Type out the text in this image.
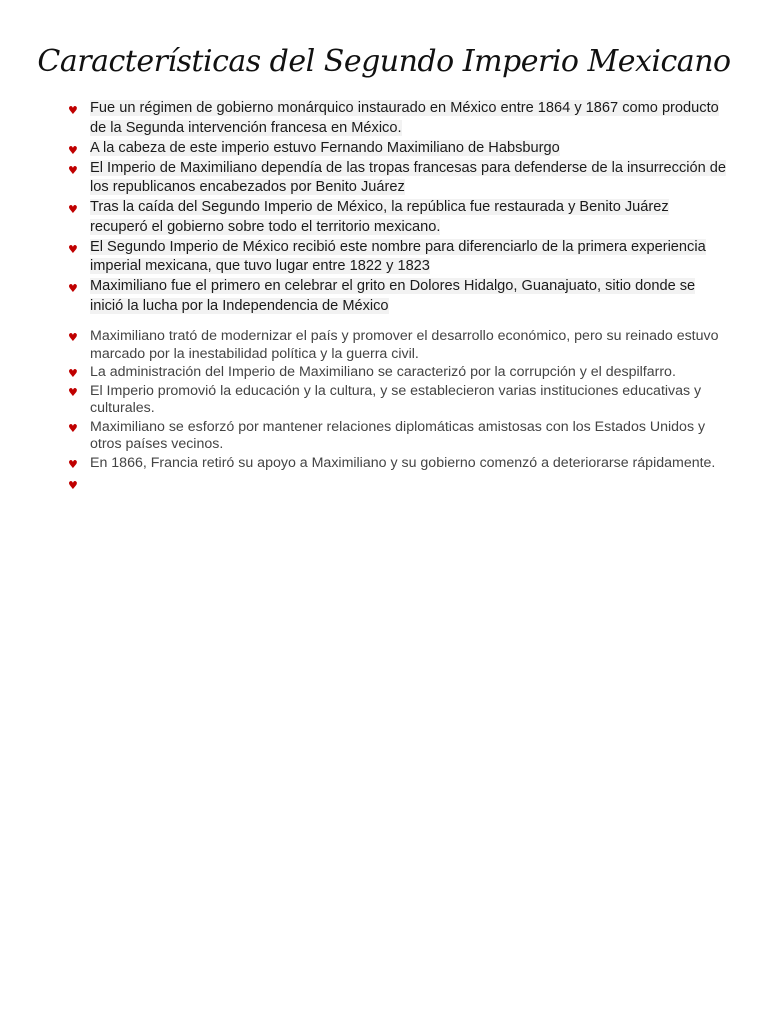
Características del Segundo Imperio Mexicano
♥ Fue un régimen de gobierno monárquico instaurado en México entre 1864 y 1867 como producto de la Segunda intervención francesa en México.
♥ A la cabeza de este imperio estuvo Fernando Maximiliano de Habsburgo
♥ El Imperio de Maximiliano dependía de las tropas francesas para defenderse de la insurrección de los republicanos encabezados por Benito Juárez
♥ Tras la caída del Segundo Imperio de México, la república fue restaurada y Benito Juárez recuperó el gobierno sobre todo el territorio mexicano.
♥ El Segundo Imperio de México recibió este nombre para diferenciarlo de la primera experiencia imperial mexicana, que tuvo lugar entre 1822 y 1823
♥ Maximiliano fue el primero en celebrar el grito en Dolores Hidalgo, Guanajuato, sitio donde se inició la lucha por la Independencia de México
♥ Maximiliano trató de modernizar el país y promover el desarrollo económico, pero su reinado estuvo marcado por la inestabilidad política y la guerra civil.
♥ La administración del Imperio de Maximiliano se caracterizó por la corrupción y el despilfarro.
♥ El Imperio promovió la educación y la cultura, y se establecieron varias instituciones educativas y culturales.
♥ Maximiliano se esforzó por mantener relaciones diplomáticas amistosas con los Estados Unidos y otros países vecinos.
♥ En 1866, Francia retiró su apoyo a Maximiliano y su gobierno comenzó a deteriorarse rápidamente.
♥
